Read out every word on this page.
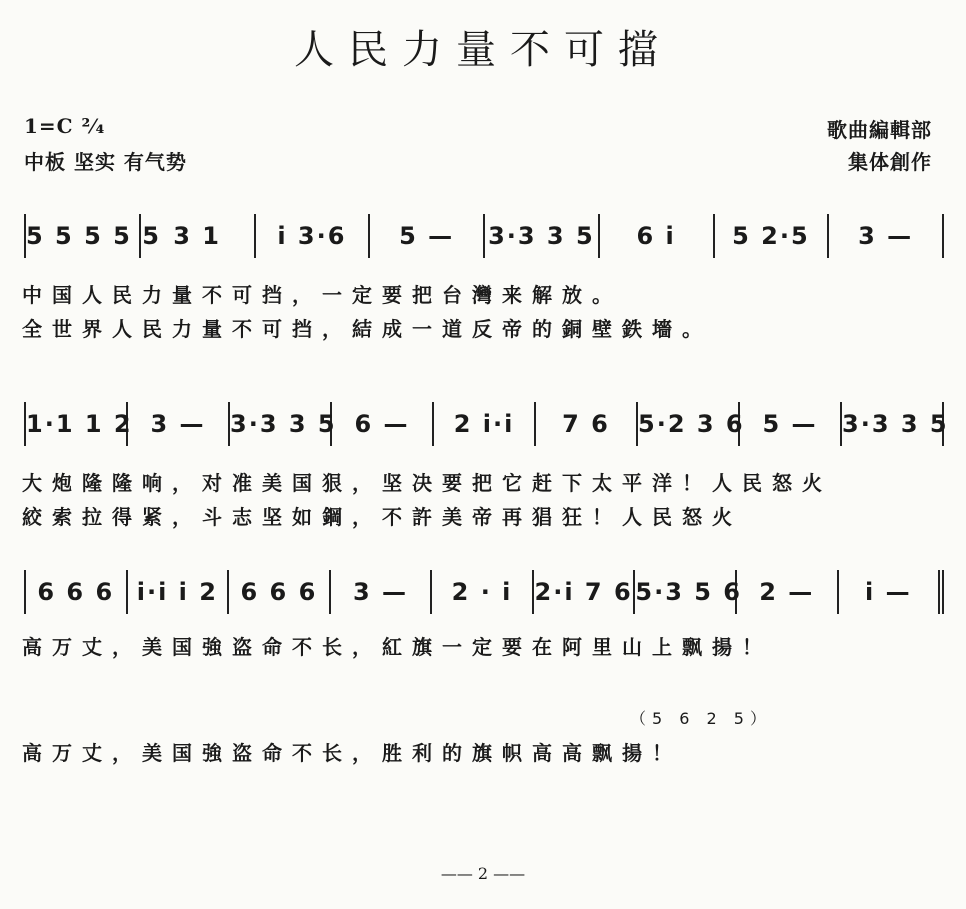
人民力量不可擋
1=C ²⁄₄
中板 坚实 有气势
歌曲編輯部
集体創作
5 5 5 5 5 3 1	i 3·6	5 —	3·3 3 5	6 i	5 2·5	3 —
中国人民力量不可挡，一定要把台灣来解放。
全世界人民力量不可挡，結成一道反帝的銅壁鉄墻。
1·1 1 2 3 —	3·3 3 5 6 —	2 i·i	7 6	5·2 3 6 5 —	3·3 3 5
大炮隆隆响，对准美国狠，坚决要把它赶下太平洋！人民怒火
絞索拉得紧，斗志坚如鋼，不許美帝再猖狂！人民怒火
6 6 6 i·i i 2 6 6 6	3 —	2 · i 2·i 7 6 5·3 5 6 2 —	i —
高万丈，美国強盗命不长，紅旗一定要在阿里山上飘揚！
（5 6 2 5）
高万丈，美国強盗命不长，胜利的旗帜高高飘揚！
—— 2 ——
